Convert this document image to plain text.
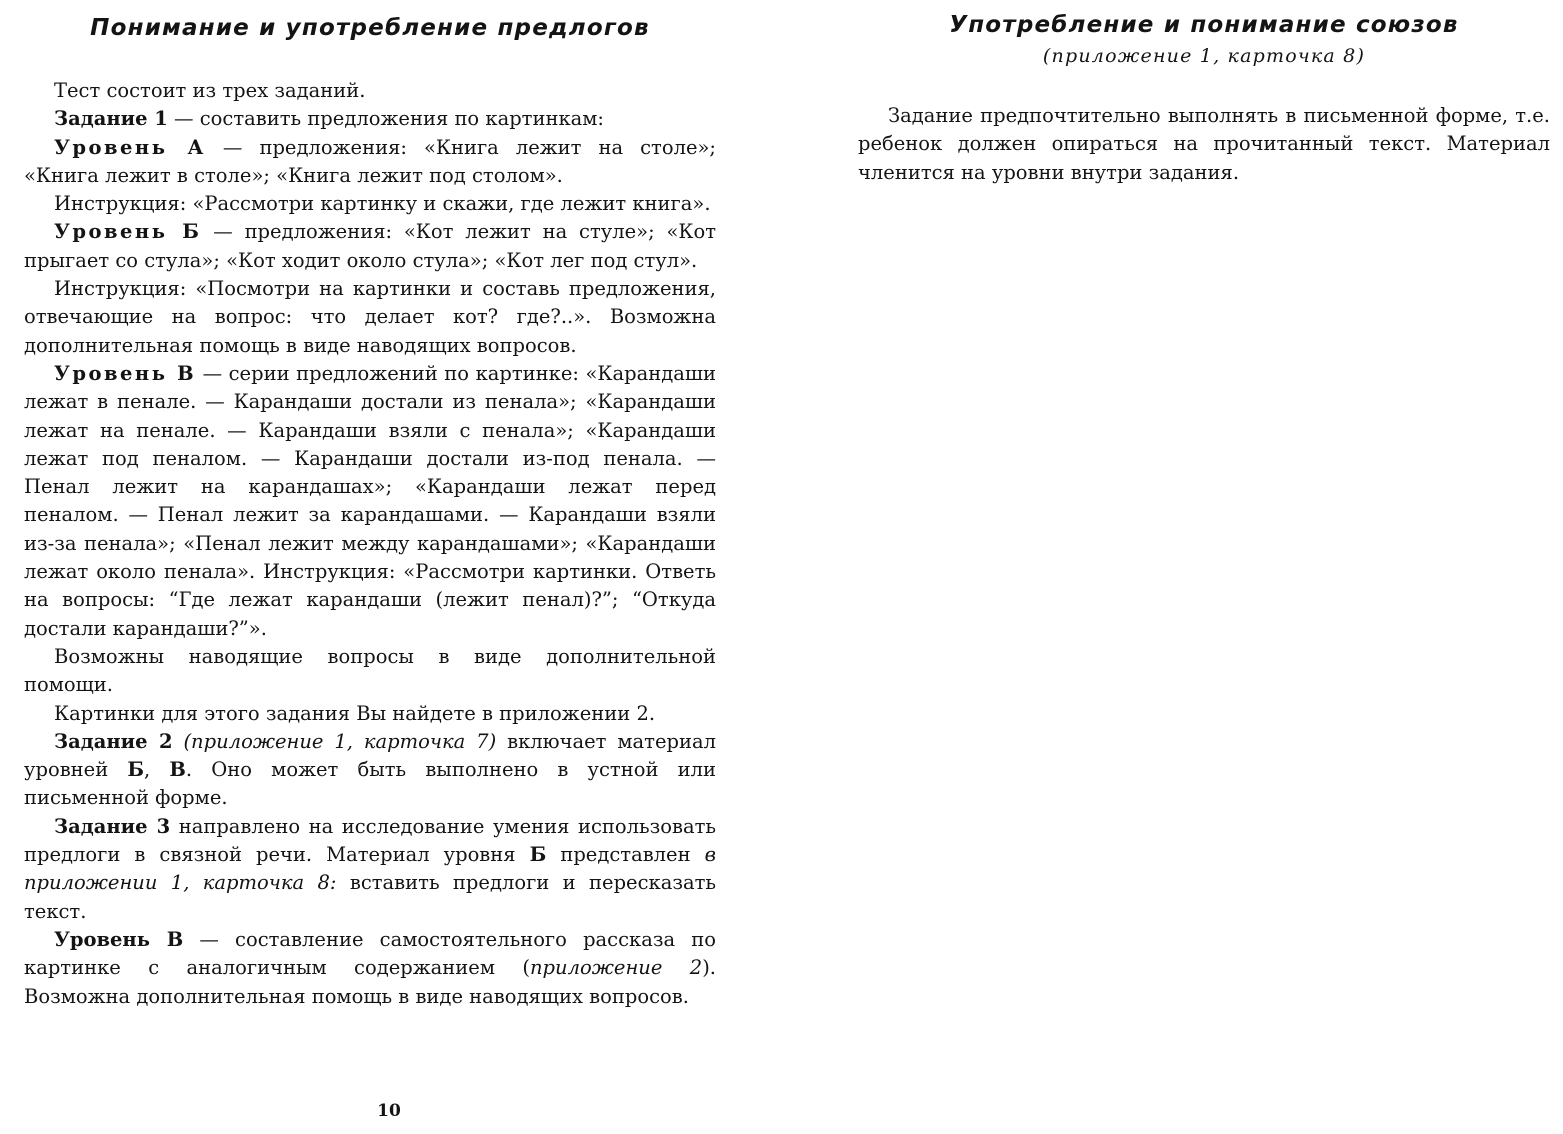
Понимание и употребление предлогов

Тест состоит из трех заданий.

Задание 1 — составить предложения по картинкам:

Уровень А — предложения: «Книга лежит на столе»; «Книга лежит в столе»; «Книга лежит под столом».

Инструкция: «Рассмотри картинку и скажи, где лежит книга».

Уровень Б — предложения: «Кот лежит на стуле»; «Кот прыгает со стула»; «Кот ходит около стула»; «Кот лег под стул».

Инструкция: «Посмотри на картинки и составь предложения, отвечающие на вопрос: что делает кот? где?..». Возможна дополнительная помощь в виде наводящих вопросов.

Уровень В — серии предложений по картинке: «Карандаши лежат в пенале. — Карандаши достали из пенала»; «Карандаши лежат на пенале. — Карандаши взяли с пенала»; «Карандаши лежат под пеналом. — Карандаши достали из-под пенала. — Пенал лежит на карандашах»; «Карандаши лежат перед пеналом. — Пенал лежит за карандашами. — Карандаши взяли из-за пенала»; «Пенал лежит между карандашами»; «Карандаши лежат около пенала». Инструкция: «Рассмотри картинки. Ответь на вопросы: “Где лежат карандаши (лежит пенал)?”; “Откуда достали карандаши?”».

Возможны наводящие вопросы в виде дополнительной помощи.

Картинки для этого задания Вы найдете в приложении 2.

Задание 2 (приложение 1, карточка 7) включает материал уровней Б, В. Оно может быть выполнено в устной или письменной форме.

Задание 3 направлено на исследование умения использовать предлоги в связной речи. Материал уровня Б представлен в приложении 1, карточка 8: вставить предлоги и пересказать текст.

Уровень В — составление самостоятельного рассказа по картинке с аналогичным содержанием (приложение 2). Возможна дополнительная помощь в виде наводящих вопросов.

10
Употребление и понимание союзов
(приложение 1, карточка 8)

Задание предпочтительно выполнять в письменной форме, т.е. ребенок должен опираться на прочитанный текст. Материал членится на уровни внутри задания.
